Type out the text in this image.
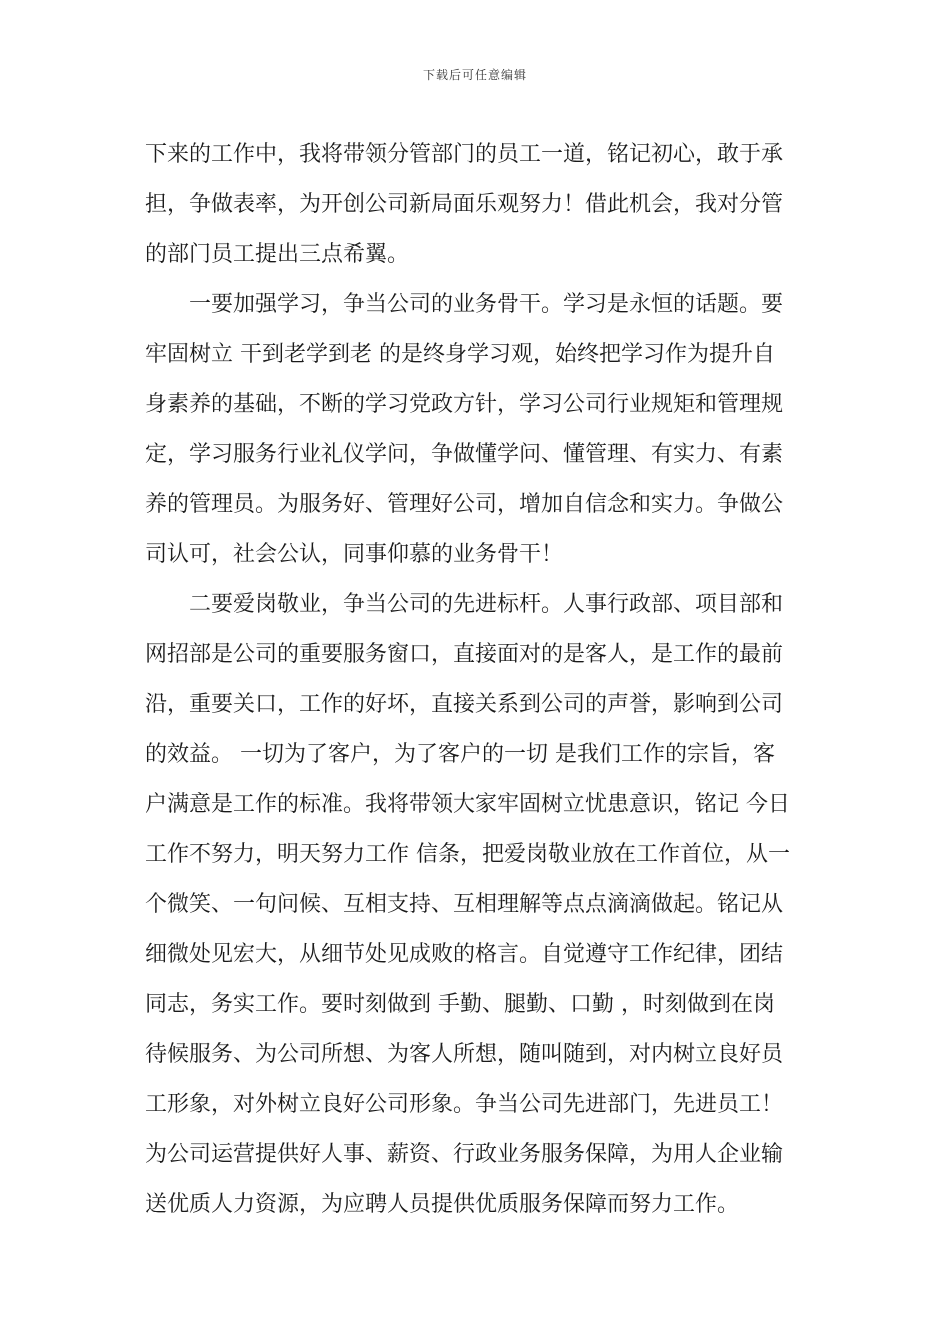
下载后可任意编辑
下来的工作中，我将带领分管部门的员工一道，铭记初心，敢于承
担，争做表率，为开创公司新局面乐观努力！借此机会，我对分管
的部门员工提出三点希翼。
一要加强学习，争当公司的业务骨干。学习是永恒的话题。要
牢固树立 干到老学到老 的是终身学习观，始终把学习作为提升自
身素养的基础，不断的学习党政方针，学习公司行业规矩和管理规
定，学习服务行业礼仪学问，争做懂学问、懂管理、有实力、有素
养的管理员。为服务好、管理好公司，增加自信念和实力。争做公
司认可，社会公认，同事仰慕的业务骨干！
二要爱岗敬业，争当公司的先进标杆。人事行政部、项目部和
网招部是公司的重要服务窗口，直接面对的是客人，是工作的最前
沿，重要关口，工作的好坏，直接关系到公司的声誉，影响到公司
的效益。 一切为了客户，为了客户的一切 是我们工作的宗旨，客
户满意是工作的标准。我将带领大家牢固树立忧患意识，铭记 今日
工作不努力，明天努力工作 信条，把爱岗敬业放在工作首位，从一
个微笑、一句问候、互相支持、互相理解等点点滴滴做起。铭记从
细微处见宏大，从细节处见成败的格言。自觉遵守工作纪律，团结
同志，务实工作。要时刻做到 手勤、腿勤、口勤 ，时刻做到在岗
待候服务、为公司所想、为客人所想，随叫随到，对内树立良好员
工形象，对外树立良好公司形象。争当公司先进部门，先进员工！
为公司运营提供好人事、薪资、行政业务服务保障，为用人企业输
送优质人力资源，为应聘人员提供优质服务保障而努力工作。
